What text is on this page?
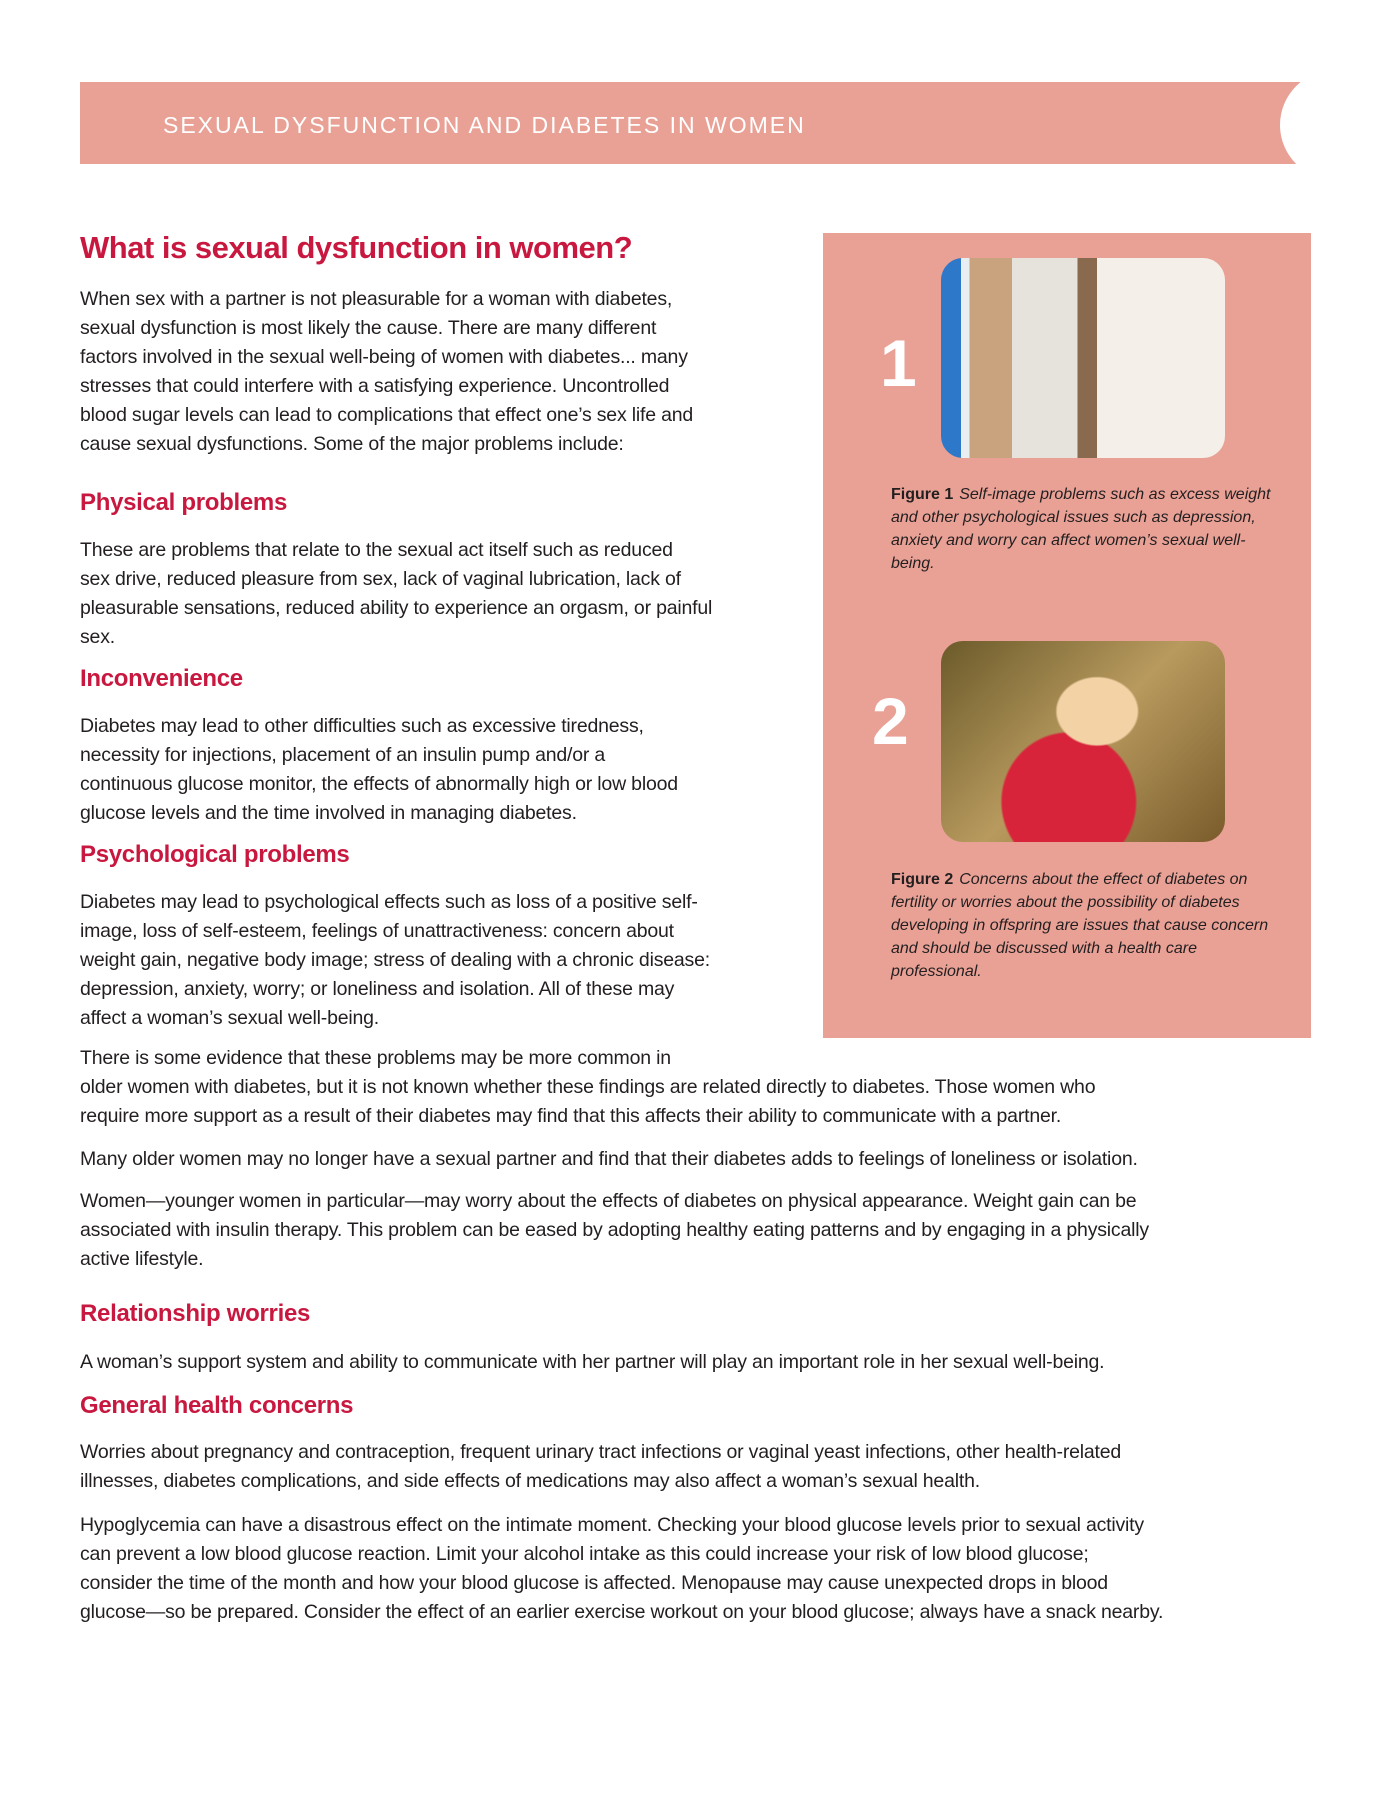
SEXUAL DYSFUNCTION AND DIABETES IN WOMEN
1
Figure 1 Self-image problems such as excess weight and other psychological issues such as depression, anxiety and worry can affect women’s sexual well-being.
2
Figure 2 Concerns about the effect of diabetes on fertility or worries about the possibility of diabetes developing in offspring are issues that cause concern and should be discussed with a health care professional.
What is sexual dysfunction in women?
When sex with a partner is not pleasurable for a woman with diabetes,
sexual dysfunction is most likely the cause. There are many different
factors involved in the sexual well-being of women with diabetes... many
stresses that could interfere with a satisfying experience. Uncontrolled
blood sugar levels can lead to complications that effect one’s sex life and
cause sexual dysfunctions. Some of the major problems include:
Physical problems
These are problems that relate to the sexual act itself such as reduced
sex drive, reduced pleasure from sex, lack of vaginal lubrication, lack of
pleasurable sensations, reduced ability to experience an orgasm, or painful
sex.
Inconvenience
Diabetes may lead to other difficulties such as excessive tiredness,
necessity for injections, placement of an insulin pump and/or a
continuous glucose monitor, the effects of abnormally high or low blood
glucose levels and the time involved in managing diabetes.
Psychological problems
Diabetes may lead to psychological effects such as loss of a positive self-
image, loss of self-esteem, feelings of unattractiveness: concern about
weight gain, negative body image; stress of dealing with a chronic disease:
depression, anxiety, worry; or loneliness and isolation. All of these may
affect a woman’s sexual well-being.
There is some evidence that these problems may be more common in
older women with diabetes, but it is not known whether these findings are related directly to diabetes. Those women who
require more support as a result of their diabetes may find that this affects their ability to communicate with a partner.
Many older women may no longer have a sexual partner and find that their diabetes adds to feelings of loneliness or isolation.
Women—younger women in particular—may worry about the effects of diabetes on physical appearance. Weight gain can be
associated with insulin therapy. This problem can be eased by adopting healthy eating patterns and by engaging in a physically
active lifestyle.
Relationship worries
A woman’s support system and ability to communicate with her partner will play an important role in her sexual well-being.
General health concerns
Worries about pregnancy and contraception, frequent urinary tract infections or vaginal yeast infections, other health-related
illnesses, diabetes complications, and side effects of medications may also affect a woman’s sexual health.
Hypoglycemia can have a disastrous effect on the intimate moment. Checking your blood glucose levels prior to sexual activity
can prevent a low blood glucose reaction. Limit your alcohol intake as this could increase your risk of low blood glucose;
consider the time of the month and how your blood glucose is affected. Menopause may cause unexpected drops in blood
glucose—so be prepared. Consider the effect of an earlier exercise workout on your blood glucose; always have a snack nearby.
